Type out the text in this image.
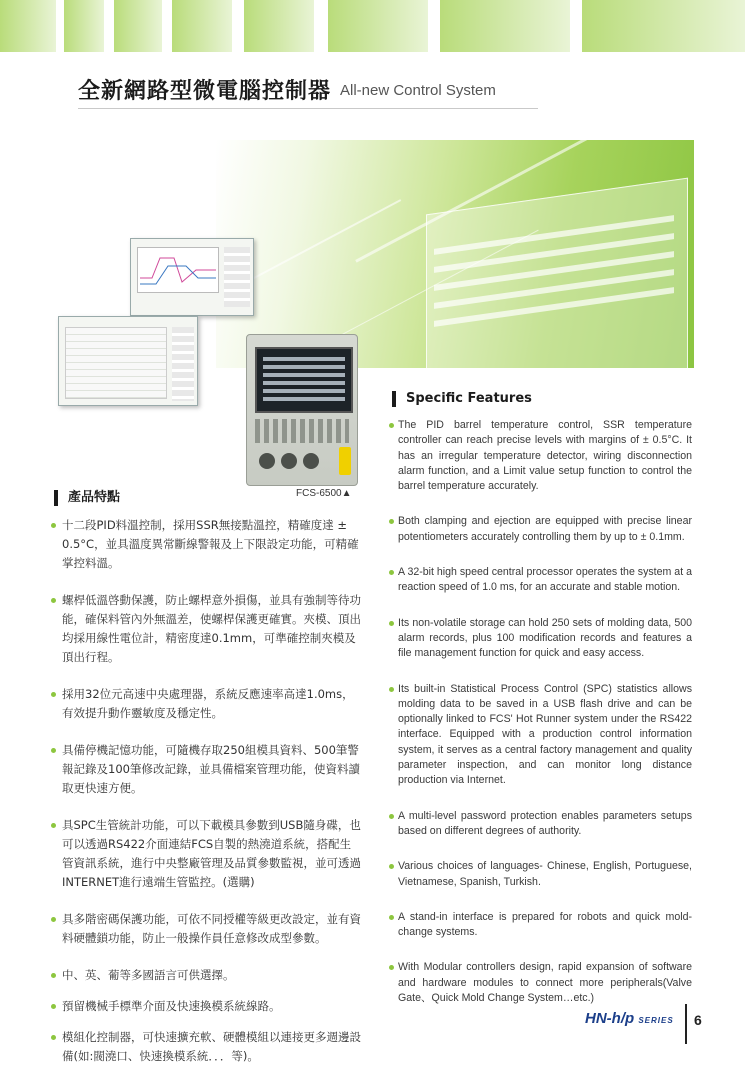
全新網路型微電腦控制器 All-new Control System
FCS-6500▲
產品特點
十二段PID料溫控制，採用SSR無接點溫控，精確度達 ± 0.5°C，並具溫度異常斷線警報及上下限設定功能，可精確掌控料溫。
螺桿低溫啓動保護，防止螺桿意外損傷，並具有強制等待功能，確保料管內外無溫差，使螺桿保護更確實。夾模、頂出均採用線性電位計，精密度達0.1mm，可準確控制夾模及頂出行程。
採用32位元高速中央處理器，系統反應速率高達1.0ms，有效提升動作靈敏度及穩定性。
具備停機記憶功能，可隨機存取250組模具資料、500筆警報記錄及100筆修改記錄，並具備檔案管理功能，使資料讀取更快速方便。
具SPC生管統計功能，可以下載模具參數到USB隨身碟，也可以透過RS422介面連結FCS自製的熱澆道系統，搭配生管資訊系統，進行中央整廠管理及品質參數監視，並可透過INTERNET進行遠端生管監控。(選購)
具多階密碼保護功能，可依不同授權等級更改設定，並有資料硬體鎖功能，防止一般操作員任意修改成型參數。
中、英、葡等多國語言可供選擇。
預留機械手標準介面及快速換模系統線路。
模組化控制器，可快速擴充軟、硬體模組以連接更多週邊設備(如:閥澆口、快速換模系統．．．等)。
Specific Features
The PID barrel temperature control, SSR temperature controller can reach precise levels with margins of ± 0.5°C. It has an irregular temperature detector, wiring disconnection alarm function, and a Limit value setup function to control the barrel temperature accurately.
Both clamping and ejection are equipped with precise linear potentiometers accurately controlling them by up to ± 0.1mm.
A 32-bit high speed central processor operates the system at a reaction speed of 1.0 ms, for an accurate and stable motion.
Its non-volatile storage can hold 250 sets of molding data, 500 alarm records, plus 100 modification records and features a file management function for quick and easy access.
Its built-in Statistical Process Control (SPC) statistics allows molding data to be saved in a USB flash drive and can be optionally linked to FCS' Hot Runner system under the RS422 interface. Equipped with a production control information system, it serves as a central factory management and quality parameter inspection, and can monitor long distance production via Internet.
A multi-level password protection enables parameters setups based on different degrees of authority.
Various choices of languages- Chinese, English, Portuguese, Vietnamese, Spanish, Turkish.
A stand-in interface is prepared for robots and quick mold-change systems.
With Modular controllers design, rapid expansion of software and hardware modules to connect more peripherals(Valve Gate、Quick Mold Change System…etc.)
HN-h/p SERIES 6
